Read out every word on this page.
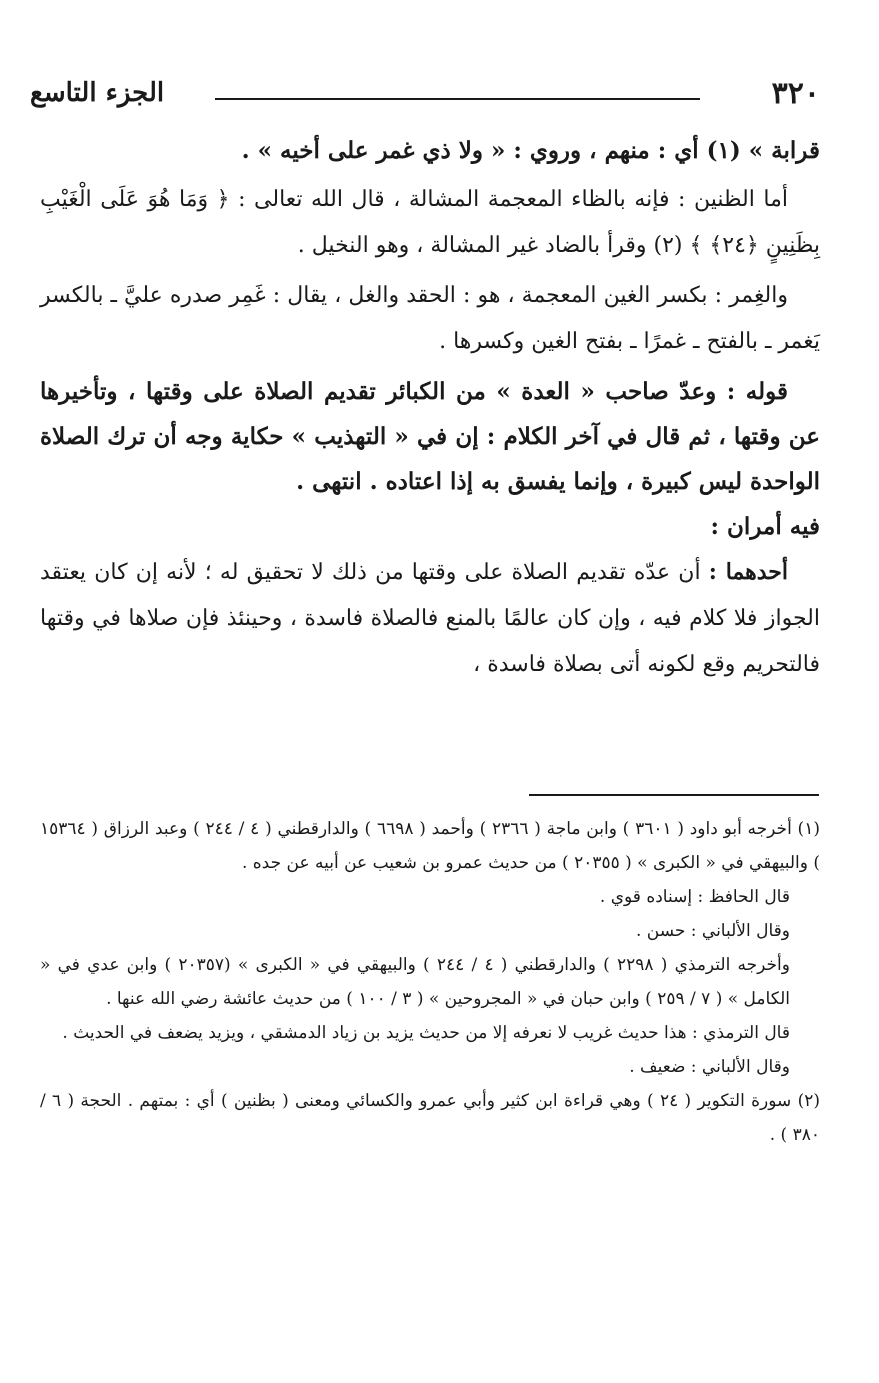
٣٢٠
الجزء التاسع

قرابة » (١) أي : منهم ، وروي : « ولا ذي غمر على أخيه » .

أما الظنين : فإنه بالظاء المعجمة المشالة ، قال الله تعالى : ﴿ وَمَا هُوَ عَلَى الْغَيْبِ بِظَنِينٍ ﴿٢٤﴾ ﴾ (٢) وقرأ بالضاد غير المشالة ، وهو النخيل .

والغِمر : بكسر الغين المعجمة ، هو : الحقد والغل ، يقال : غَمِر صدره عليَّ ـ بالكسر يَغمر ـ بالفتح ـ غمرًا ـ بفتح الغين وكسرها .

قوله : وعدّ صاحب « العدة » من الكبائر تقديم الصلاة على وقتها ، وتأخيرها عن وقتها ، ثم قال في آخر الكلام : إن في « التهذيب » حكاية وجه أن ترك الصلاة الواحدة ليس كبيرة ، وإنما يفسق به إذا اعتاده . انتهى .

فيه أمران :

أحدهما : أن عدّه تقديم الصلاة على وقتها من ذلك لا تحقيق له ؛ لأنه إن كان يعتقد الجواز فلا كلام فيه ، وإن كان عالمًا بالمنع فالصلاة فاسدة ، وحينئذ فإن صلاها في وقتها فالتحريم وقع لكونه أتى بصلاة فاسدة ،

(١) أخرجه أبو داود ( ٣٦٠١ ) وابن ماجة ( ٢٣٦٦ ) وأحمد ( ٦٦٩٨ ) والدارقطني ( ٤ / ٢٤٤ ) وعبد الرزاق ( ١٥٣٦٤ ) والبيهقي في « الكبرى » ( ٢٠٣٥٥ ) من حديث عمرو بن شعيب عن أبيه عن جده .

قال الحافظ : إسناده قوي .

وقال الألباني : حسن .

وأخرجه الترمذي ( ٢٢٩٨ ) والدارقطني ( ٤ / ٢٤٤ ) والبيهقي في « الكبرى » (٢٠٣٥٧ ) وابن عدي في « الكامل » ( ٧ / ٢٥٩ ) وابن حبان في « المجروحين » ( ٣ / ١٠٠ ) من حديث عائشة رضي الله عنها .

قال الترمذي : هذا حديث غريب لا نعرفه إلا من حديث يزيد بن زياد الدمشقي ، ويزيد يضعف في الحديث .

وقال الألباني : ضعيف .

(٢) سورة التكوير ( ٢٤ ) وهي قراءة ابن كثير وأبي عمرو والكسائي ومعنى ( بظنين ) أي : بمتهم . الحجة ( ٦ / ٣٨٠ ) .
